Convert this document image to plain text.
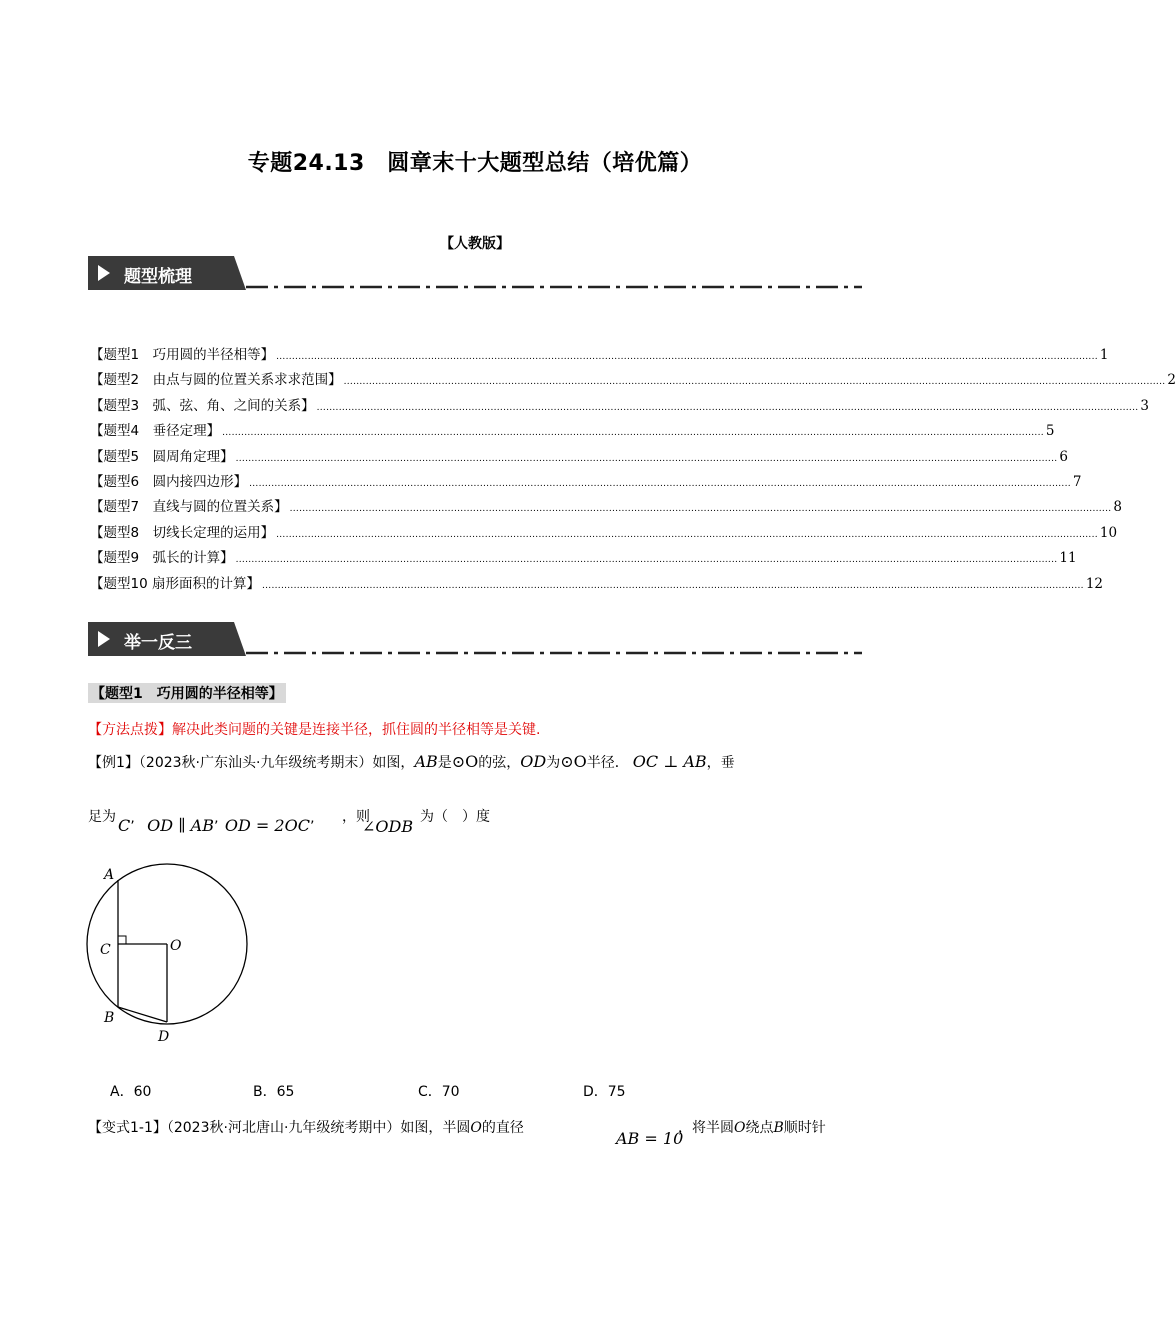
专题24.13　圆章末十大题型总结（培优篇）
【人教版】
题型梳理
【题型1　巧用圆的半径相等】 .................................................................................................................................................................................................................................................................... 1
【题型2　由点与圆的位置关系求求范围】 .................................................................................................................................................................................................................................................................... 2
【题型3　弧、弦、角、之间的关系】 .................................................................................................................................................................................................................................................................... 3
【题型4　垂径定理】 .................................................................................................................................................................................................................................................................... 5
【题型5　圆周角定理】 .................................................................................................................................................................................................................................................................... 6
【题型6　圆内接四边形】 .................................................................................................................................................................................................................................................................... 7
【题型7　直线与圆的位置关系】 .................................................................................................................................................................................................................................................................... 8
【题型8　切线长定理的运用】 .................................................................................................................................................................................................................................................................... 10
【题型9　弧长的计算】 .................................................................................................................................................................................................................................................................... 11
【题型10 扇形面积的计算】 .................................................................................................................................................................................................................................................................... 12
举一反三
【题型1　巧用圆的半径相等】
【方法点拨】解决此类问题的关键是连接半径，抓住圆的半径相等是关键.
【例1】（2023秋·广东汕头·九年级统考期末）如图，AB是⊙O的弦，OD为⊙O半径． OC ⊥ AB，垂
足为 C’ OD ∥ AB’ OD = 2OC’
，则
∠ODB 为（　）度
A
C	O
B
D
A．60	B．65	C．70	D．75
【变式1-1】（2023秋·河北唐山·九年级统考期中）如图，半圆O的直径
AB = 10
，将半圆O绕点B顺时针
